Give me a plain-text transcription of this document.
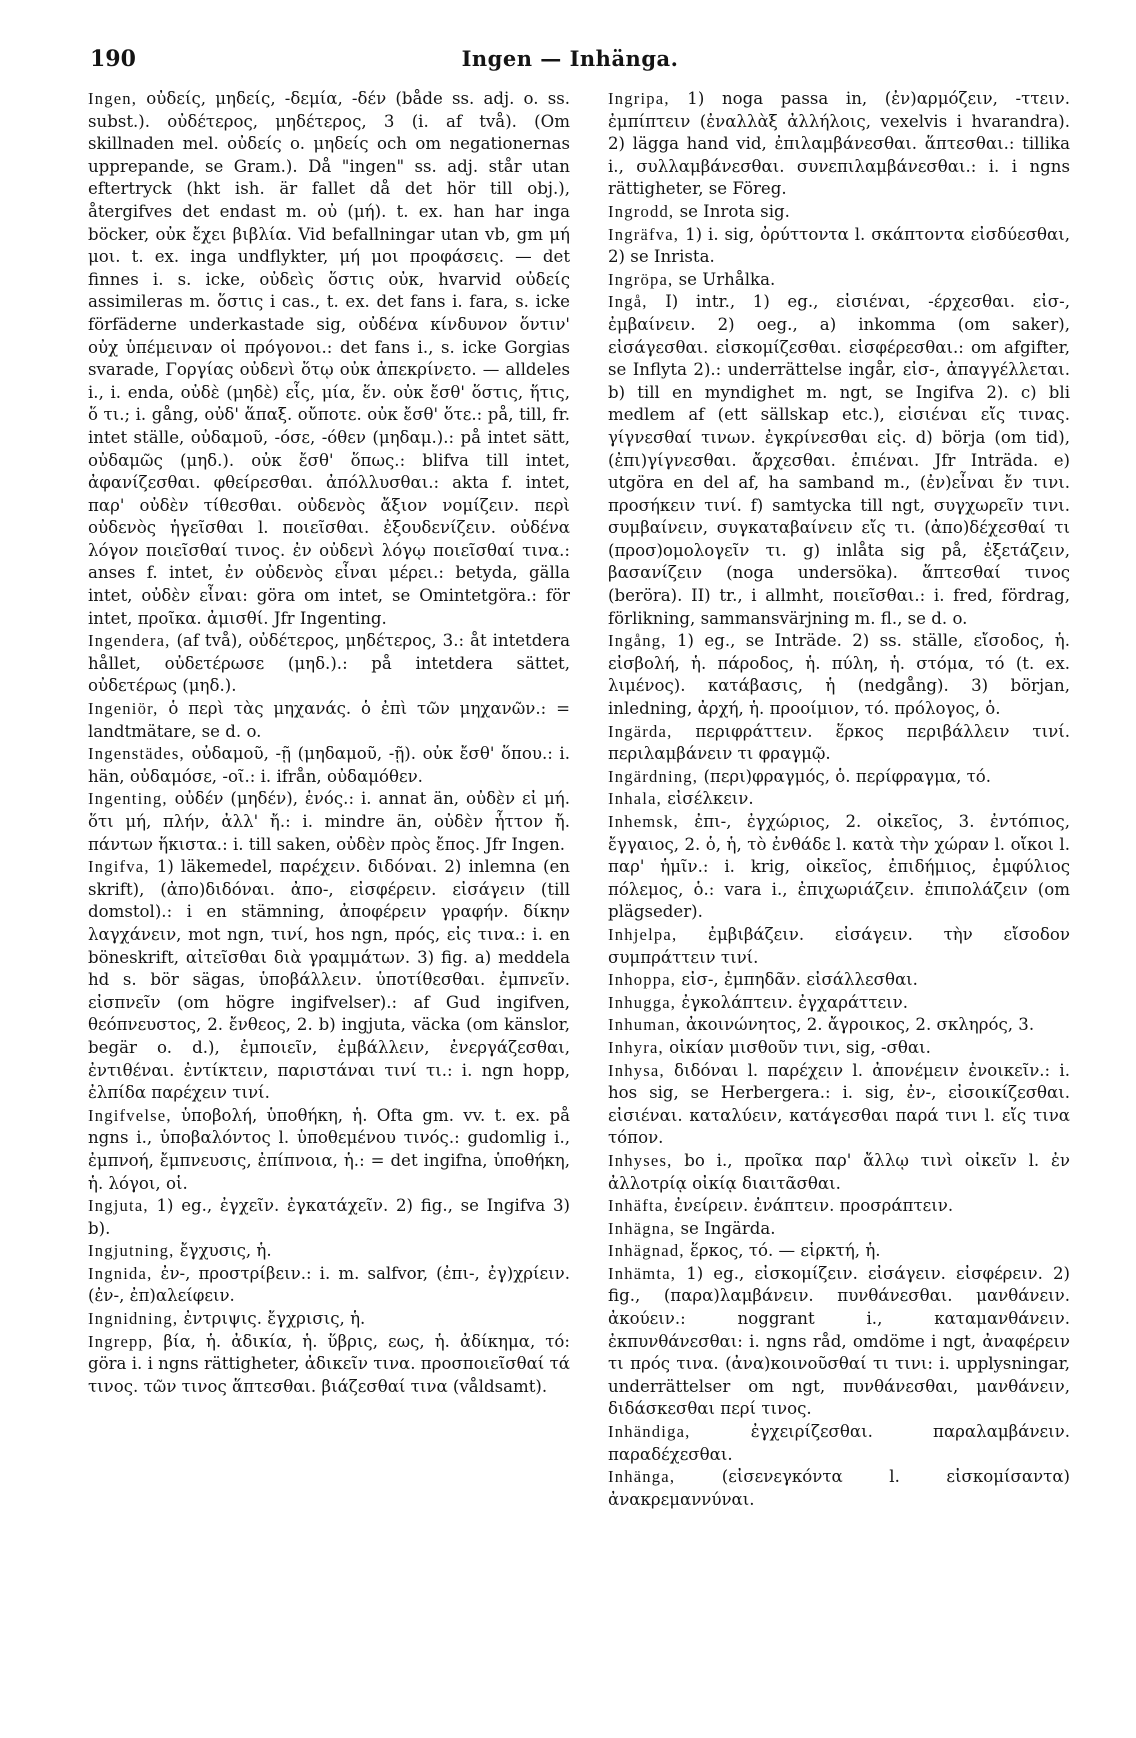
190	Ingen — Inhänga.

Ingen, οὐδείς, μηδείς, -δεμία, -δέν (både ss. adj. o. ss. subst.). οὐδέτερος, μηδέτερος, 3 (i. af två). (Om skillnaden mel. οὐδείς o. μηδείς och om negationernas upprepande, se Gram.). Då "ingen" ss. adj. står utan eftertryck (hkt ish. är fallet då det hör till obj.), återgifves det endast m. οὐ (μή). t. ex. han har inga böcker, οὐκ ἔχει βιβλία. Vid befallningar utan vb, gm μή μοι. t. ex. inga undflykter, μή μοι προφάσεις. — det finnes i. s. icke, οὐδεὶς ὅστις οὐκ, hvarvid οὐδείς assimileras m. ὅστις i cas., t. ex. det fans i. fara, s. icke förfäderne underkastade sig, οὐδένα κίνδυνον ὅντιν' οὐχ ὑπέμειναν οἱ πρόγονοι.: det fans i., s. icke Gorgias svarade, Γοργίας οὐδενὶ ὅτῳ οὐκ ἀπεκρίνετο. — alldeles i., i. enda, οὐδὲ (μηδὲ) εἷς, μία, ἕν. οὐκ ἔσθ' ὅστις, ἥτις, ὅ τι.; i. gång, οὐδ' ἅπαξ. οὔποτε. οὐκ ἔσθ' ὅτε.: på, till, fr. intet ställe, οὐδαμοῦ, -όσε, -όθεν (μηδαμ.).: på intet sätt, οὐδαμῶς (μηδ.). οὐκ ἔσθ' ὅπως.: blifva till intet, ἀφανίζεσθαι. φθείρεσθαι. ἀπόλλυσθαι.: akta f. intet, παρ' οὐδὲν τίθεσθαι. οὐδενὸς ἄξιον νομίζειν. περὶ οὐδενὸς ἡγεῖσθαι l. ποιεῖσθαι. ἐξουδενίζειν. οὐδένα λόγον ποιεῖσθαί τινος. ἐν οὐδενὶ λόγῳ ποιεῖσθαί τινα.: anses f. intet, ἐν οὐδενὸς εἶναι μέρει.: betyda, gälla intet, οὐδὲν εἶναι: göra om intet, se Omintetgöra.: för intet, προῖκα. ἀμισθί. Jfr Ingenting.

Ingendera, (af två), οὐδέτερος, μηδέτερος, 3.: åt intetdera hållet, οὐδετέρωσε (μηδ.).: på intetdera sättet, οὐδετέρως (μηδ.).

Ingeniör, ὁ περὶ τὰς μηχανάς. ὁ ἐπὶ τῶν μηχανῶν.: = landtmätare, se d. o.

Ingenstädes, οὐδαμοῦ, -ῇ (μηδαμοῦ, -ῇ). οὐκ ἔσθ' ὅπου.: i. hän, οὐδαμόσε, -οῖ.: i. ifrån, οὐδαμόθεν.

Ingenting, οὐδέν (μηδέν), ἑνός.: i. annat än, οὐδὲν εἰ μή. ὅτι μή, πλήν, ἀλλ' ἤ.: i. mindre än, οὐδὲν ἧττον ἤ. πάντων ἥκιστα.: i. till saken, οὐδὲν πρὸς ἔπος. Jfr Ingen.

Ingifva, 1) läkemedel, παρέχειν. διδόναι. 2) inlemna (en skrift), (ἀπο)διδόναι. ἀπο-, εἰσφέρειν. εἰσάγειν (till domstol).: i en stämning, ἀποφέρειν γραφήν. δίκην λαγχάνειν, mot ngn, τινί, hos ngn, πρός, εἰς τινα.: i. en böneskrift, αἰτεῖσθαι διὰ γραμμάτων. 3) fig. a) meddela hd s. bör sägas, ὑποβάλλειν. ὑποτίθεσθαι. ἐμπνεῖν. εἰσπνεῖν (om högre ingifvelser).: af Gud ingifven, θεόπνευστος, 2. ἔνθεος, 2. b) ingjuta, väcka (om känslor, begär o. d.), ἐμποιεῖν, ἐμβάλλειν, ἐνεργάζεσθαι, ἐντιθέναι. ἐντίκτειν, παριστάναι τινί τι.: i. ngn hopp, ἐλπίδα παρέχειν τινί.

Ingifvelse, ὑποβολή, ὑποθήκη, ἡ. Ofta gm. vv. t. ex. på ngns i., ὑποβαλόντος l. ὑποθεμένου τινός.: gudomlig i., ἐμπνοή, ἔμπνευσις, ἐπίπνοια, ἡ.: = det ingifna, ὑποθήκη, ἡ. λόγοι, οἱ.

Ingjuta, 1) eg., ἐγχεῖν. ἐγκατάχεῖν. 2) fig., se Ingifva 3) b).

Ingjutning, ἔγχυσις, ἡ.

Ingnida, ἐν-, προστρίβειν.: i. m. salfvor, (ἐπι-, ἐγ)χρίειν. (ἐν-, ἐπ)αλείφειν.

Ingnidning, ἐντριψις. ἔγχρισις, ἡ.

Ingrepp, βία, ἡ. ἀδικία, ἡ. ὕβρις, εως, ἡ. ἀδίκημα, τό: göra i. i ngns rättigheter, ἀδικεῖν τινα. προσποιεῖσθαί τά τινος. τῶν τινος ἅπτεσθαι. βιάζεσθαί τινα (våldsamt).

Ingripa, 1) noga passa in, (ἐν)αρμόζειν, -ττειν. ἐμπίπτειν (ἐναλλὰξ ἀλλήλοις, vexelvis i hvarandra). 2) lägga hand vid, ἐπιλαμβάνεσθαι. ἅπτεσθαι.: tillika i., συλλαμβάνεσθαι. συνεπιλαμβάνεσθαι.: i. i ngns rättigheter, se Föreg.

Ingrodd, se Inrota sig.

Ingräfva, 1) i. sig, ὀρύττοντα l. σκάπτοντα εἰσδύεσθαι, 2) se Inrista.

Ingröpa, se Urhålka.

Ingå, I) intr., 1) eg., εἰσιέναι, -έρχεσθαι. εἰσ-, ἐμβαίνειν. 2) oeg., a) inkomma (om saker), εἰσάγεσθαι. εἰσκομίζεσθαι. εἰσφέρεσθαι.: om afgifter, se Inflyta 2).: underrättelse ingår, εἰσ-, ἀπαγγέλλεται. b) till en myndighet m. ngt, se Ingifva 2). c) bli medlem af (ett sällskap etc.), εἰσιέναι εἴς τινας. γίγνεσθαί τινων. ἐγκρίνεσθαι εἰς. d) börja (om tid), (ἐπι)γίγνεσθαι. ἄρχεσθαι. ἐπιέναι. Jfr Inträda. e) utgöra en del af, ha samband m., (ἐν)εἶναι ἔν τινι. προσήκειν τινί. f) samtycka till ngt, συγχωρεῖν τινι. συμβαίνειν, συγκαταβαίνειν εἴς τι. (ἀπο)δέχεσθαί τι (προσ)ομολογεῖν τι. g) inlåta sig på, ἐξετάζειν, βασανίζειν (noga undersöka). ἅπτεσθαί τινος (beröra). II) tr., i allmht, ποιεῖσθαι.: i. fred, fördrag, förlikning, sammansvärjning m. fl., se d. o.

Ingång, 1) eg., se Inträde. 2) ss. ställe, εἴσοδος, ἡ. εἰσβολή, ἡ. πάροδος, ἡ. πύλη, ἡ. στόμα, τό (t. ex. λιμένος). κατάβασις, ἡ (nedgång). 3) början, inledning, ἀρχή, ἡ. προοίμιον, τό. πρόλογος, ὁ.

Ingärda, περιφράττειν. ἕρκος περιβάλλειν τινί. περιλαμβάνειν τι φραγμῷ.

Ingärdning, (περι)φραγμός, ὁ. περίφραγμα, τό.

Inhala, εἰσέλκειν.

Inhemsk, ἐπι-, ἐγχώριος, 2. οἰκεῖος, 3. ἐντόπιος, ἔγγαιος, 2. ὁ, ἡ, τὸ ἐνθάδε l. κατὰ τὴν χώραν l. οἴκοι l. παρ' ἡμῖν.: i. krig, οἰκεῖος, ἐπιδήμιος, ἐμφύλιος πόλεμος, ὁ.: vara i., ἐπιχωριάζειν. ἐπιπολάζειν (om plägseder).

Inhjelpa, ἐμβιβάζειν. εἰσάγειν. τὴν εἴσοδον συμπράττειν τινί.

Inhoppa, εἰσ-, ἐμπηδᾶν. εἰσάλλεσθαι.

Inhugga, ἐγκολάπτειν. ἐγχαράττειν.

Inhuman, ἀκοινώνητος, 2. ἄγροικος, 2. σκληρός, 3.

Inhyra, οἰκίαν μισθοῦν τινι, sig, -σθαι.

Inhysa, διδόναι l. παρέχειν l. ἀπονέμειν ἐνοικεῖν.: i. hos sig, se Herbergera.: i. sig, ἐν-, εἰσοικίζεσθαι. εἰσιέναι. καταλύειν, κατάγεσθαι παρά τινι l. εἴς τινα τόπον.

Inhyses, bo i., προῖκα παρ' ἄλλῳ τινὶ οἰκεῖν l. ἐν ἀλλοτρίᾳ οἰκίᾳ διαιτᾶσθαι.

Inhäfta, ἐνείρειν. ἐνάπτειν. προσράπτειν.

Inhägna, se Ingärda.

Inhägnad, ἕρκος, τό. — εἱρκτή, ἡ.

Inhämta, 1) eg., εἰσκομίζειν. εἰσάγειν. εἰσφέρειν. 2) fig., (παρα)λαμβάνειν. πυνθάνεσθαι. μανθάνειν. ἀκούειν.: noggrant i., καταμανθάνειν. ἐκπυνθάνεσθαι: i. ngns råd, omdöme i ngt, ἀναφέρειν τι πρός τινα. (ἀνα)κοινοῦσθαί τι τινι: i. upplysningar, underrättelser om ngt, πυνθάνεσθαι, μανθάνειν, διδάσκεσθαι περί τινος.

Inhändiga, ἐγχειρίζεσθαι. παραλαμβάνειν. παραδέχεσθαι.

Inhänga, (εἰσενεγκόντα l. εἰσκομίσαντα) ἀνακρεμαννύναι.
